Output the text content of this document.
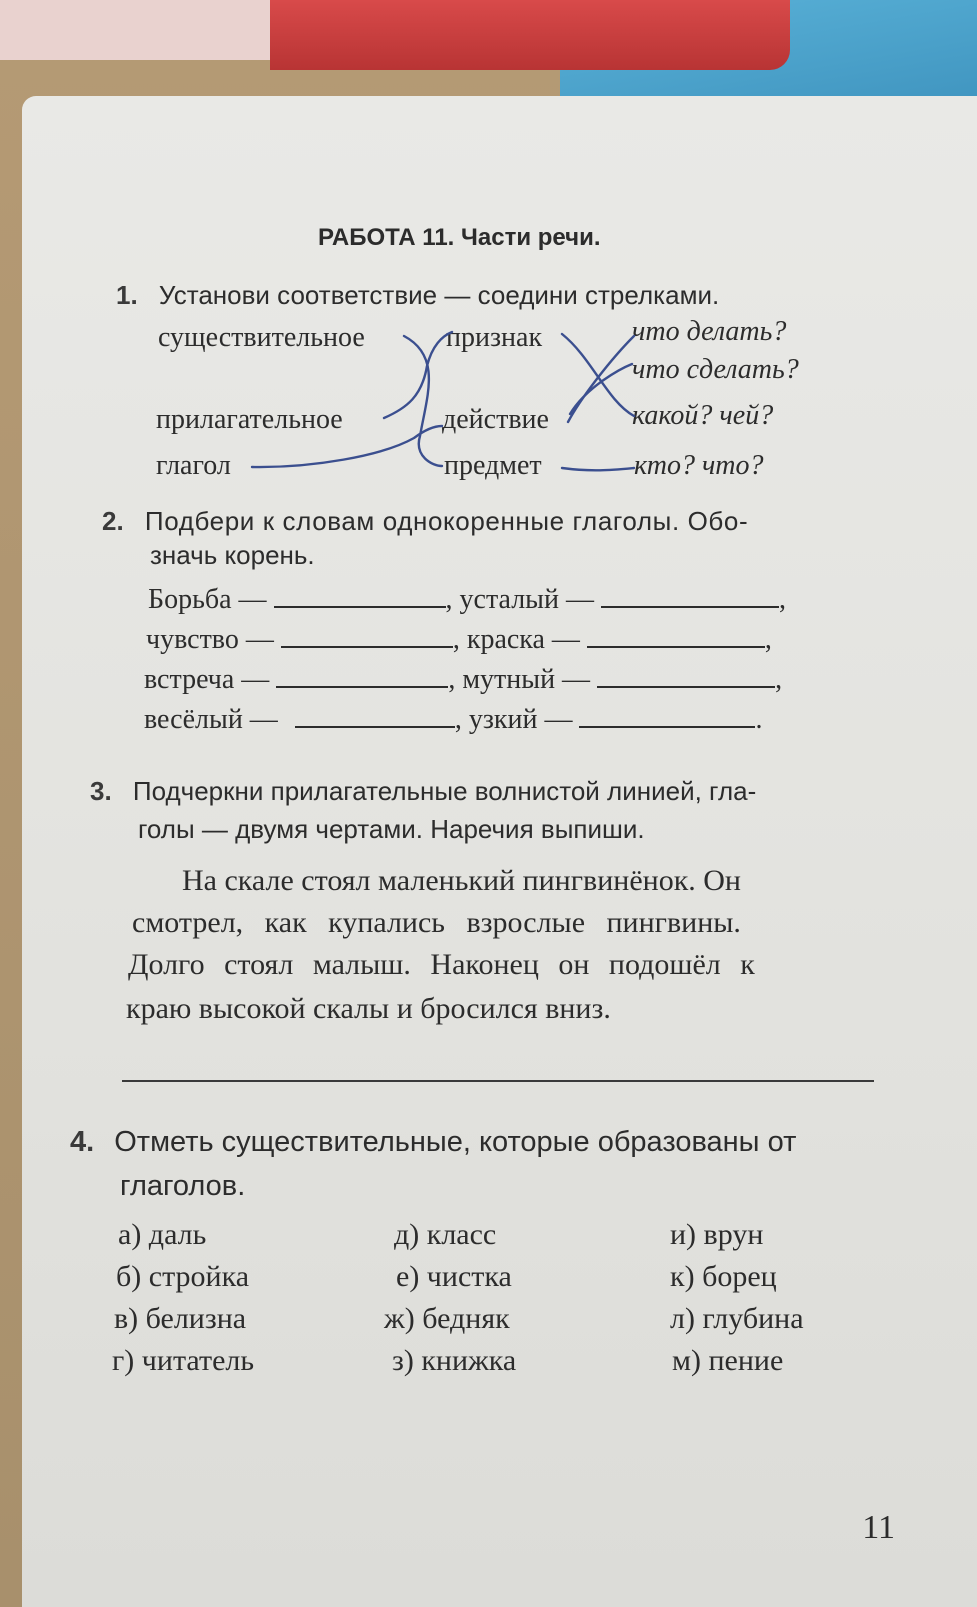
РАБОТА 11. Части речи.
1. Установи соответствие — соедини стрелками.
существительное
прилагательное
глагол
признак
действие
предмет
что делать?
что сделать?
какой? чей?
кто? что?
2. Подбери к словам однокоренные глаголы. Обо-
значь корень.
Борьба —	, усталый —	,
чувство —	, краска —	,
встреча —	, мутный —	,
весёлый —	, узкий —	.
3. Подчеркни прилагательные волнистой линией, гла-
голы — двумя чертами. Наречия выпиши.
На скале стоял маленький пингвинёнок. Он
смотрел, как купались взрослые пингвины.
Долго стоял малыш. Наконец он подошёл к
краю высокой скалы и бросился вниз.
4. Отметь существительные, которые образованы от
глаголов.
а) даль
б) стройка
в) белизна
г) читатель
д) класс
е) чистка
ж) бедняк
з) книжка
и) врун
к) борец
л) глубина
м) пение
11
